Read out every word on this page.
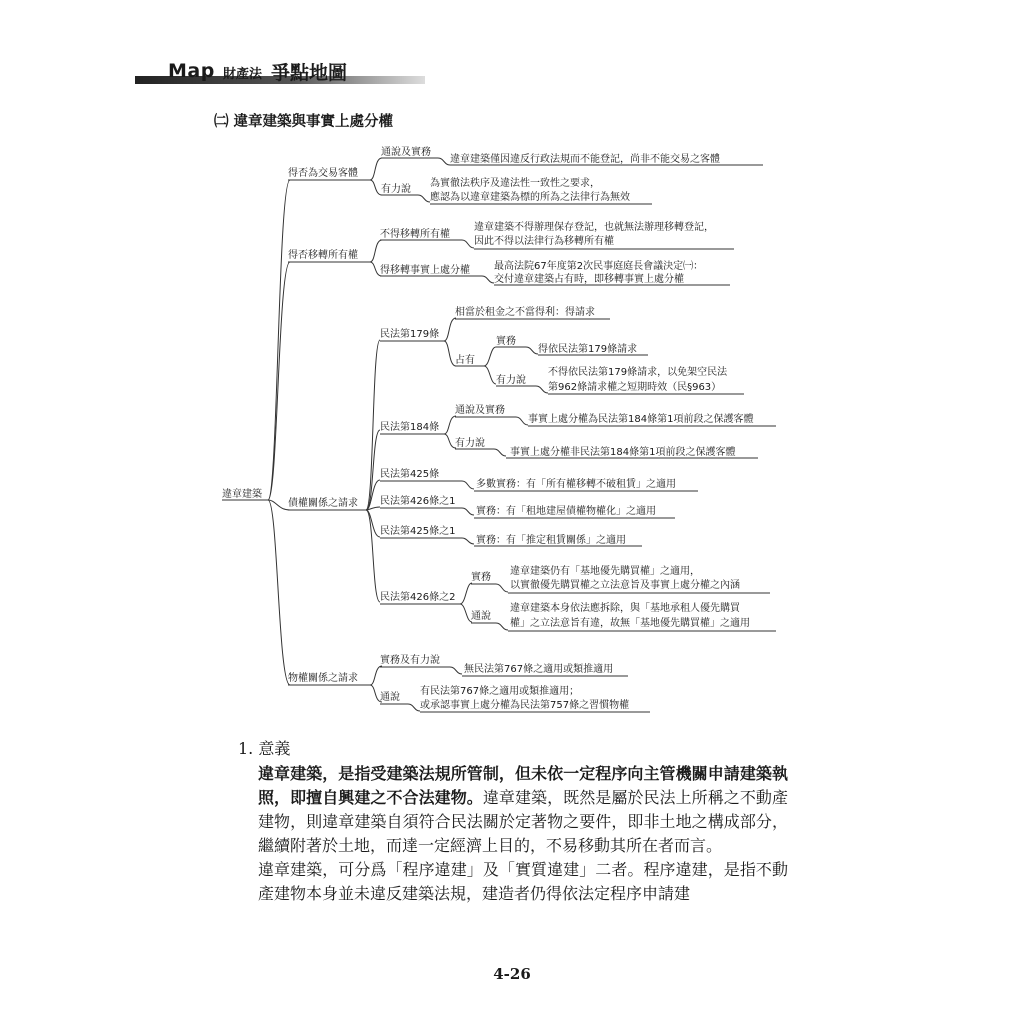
Map 財產法 爭點地圖
㈡ 違章建築與事實上處分權
違章建築
得否為交易客體
通說及實務
違章建築僅因違反行政法規而不能登記，尚非不能交易之客體
有力說
為實徹法秩序及違法性一致性之要求，
應認為以違章建築為標的所為之法律行為無效
得否移轉所有權
不得移轉所有權
違章建築不得辦理保存登記，也就無法辦理移轉登記，
因此不得以法律行為移轉所有權
得移轉事實上處分權 最高法院67年度第2次民事庭庭長會議決定㈠：
交付違章建築占有時，即移轉事實上處分權
債權關係之請求
民法第179條
相當於租金之不當得利：得請求
占有
實務
得依民法第179條請求
有力說
不得依民法第179條請求，以免架空民法
第962條請求權之短期時效（民§963）
民法第184條
通說及實務
事實上處分權為民法第184條第1項前段之保護客體
有力說
事實上處分權非民法第184條第1項前段之保護客體
民法第425條
多數實務：有「所有權移轉不破租賃」之適用
民法第426條之1
實務：有「租地建屋債權物權化」之適用
民法第425條之1
實務：有「推定租賃關係」之適用
民法第426條之2
實務
違章建築仍有「基地優先購買權」之適用，
以實徹優先購買權之立法意旨及事實上處分權之內涵
通說
違章建築本身依法應拆除，與「基地承租人優先購買
權」之立法意旨有違，故無「基地優先購買權」之適用
物權關係之請求
實務及有力說
無民法第767條之適用或類推適用
通說
有民法第767條之適用或類推適用；
或承認事實上處分權為民法第757條之習慣物權
1. 意義

違章建築，是指受建築法規所管制，但未依一定程序向主管機關申請建築執照，即擅自興建之不合法建物。違章建築，既然是屬於民法上所稱之不動產建物，則違章建築自須符合民法關於定著物之要件，即非土地之構成部分，繼續附著於土地，而達一定經濟上目的，不易移動其所在者而言。

違章建築，可分爲「程序違建」及「實質違建」二者。程序違建，是指不動產建物本身並未違反建築法規，建造者仍得依法定程序申請建

4-26
